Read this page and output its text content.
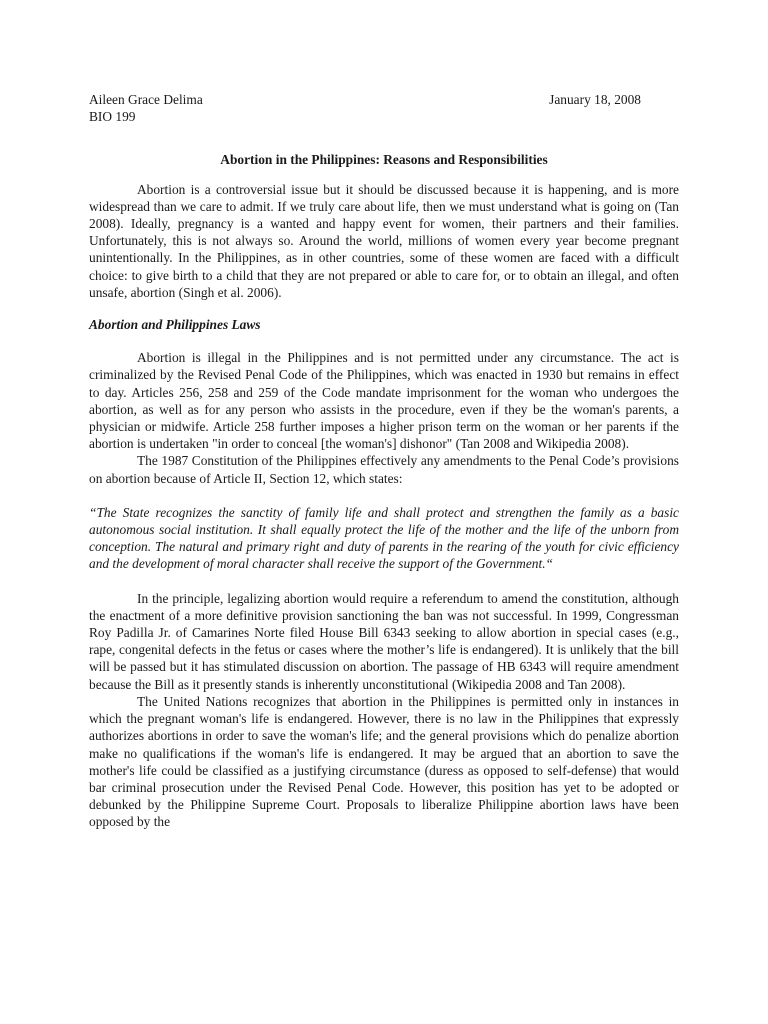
Aileen Grace Delima	January 18, 2008
BIO 199
Abortion in the Philippines: Reasons and Responsibilities

Abortion is a controversial issue but it should be discussed because it is happening, and is more widespread than we care to admit. If we truly care about life, then we must understand what is going on (Tan 2008). Ideally, pregnancy is a wanted and happy event for women, their partners and their families. Unfortunately, this is not always so. Around the world, millions of women every year become pregnant unintentionally. In the Philippines, as in other countries, some of these women are faced with a difficult choice: to give birth to a child that they are not prepared or able to care for, or to obtain an illegal, and often unsafe, abortion (Singh et al. 2006).

Abortion and Philippines Laws

Abortion is illegal in the Philippines and is not permitted under any circumstance. The act is criminalized by the Revised Penal Code of the Philippines, which was enacted in 1930 but remains in effect to day. Articles 256, 258 and 259 of the Code mandate imprisonment for the woman who undergoes the abortion, as well as for any person who assists in the procedure, even if they be the woman's parents, a physician or midwife. Article 258 further imposes a higher prison term on the woman or her parents if the abortion is undertaken "in order to conceal [the woman's] dishonor" (Tan 2008 and Wikipedia 2008).

The 1987 Constitution of the Philippines effectively any amendments to the Penal Code’s provisions on abortion because of Article II, Section 12, which states:

“The State recognizes the sanctity of family life and shall protect and strengthen the family as a basic autonomous social institution. It shall equally protect the life of the mother and the life of the unborn from conception. The natural and primary right and duty of parents in the rearing of the youth for civic efficiency and the development of moral character shall receive the support of the Government.“

In the principle, legalizing abortion would require a referendum to amend the constitution, although the enactment of a more definitive provision sanctioning the ban was not successful. In 1999, Congressman Roy Padilla Jr. of Camarines Norte filed House Bill 6343 seeking to allow abortion in special cases (e.g., rape, congenital defects in the fetus or cases where the mother’s life is endangered). It is unlikely that the bill will be passed but it has stimulated discussion on abortion. The passage of HB 6343 will require amendment because the Bill as it presently stands is inherently unconstitutional (Wikipedia 2008 and Tan 2008).

The United Nations recognizes that abortion in the Philippines is permitted only in instances in which the pregnant woman's life is endangered. However, there is no law in the Philippines that expressly authorizes abortions in order to save the woman's life; and the general provisions which do penalize abortion make no qualifications if the woman's life is endangered. It may be argued that an abortion to save the mother's life could be classified as a justifying circumstance (duress as opposed to self-defense) that would bar criminal prosecution under the Revised Penal Code. However, this position has yet to be adopted or debunked by the Philippine Supreme Court. Proposals to liberalize Philippine abortion laws have been opposed by the
